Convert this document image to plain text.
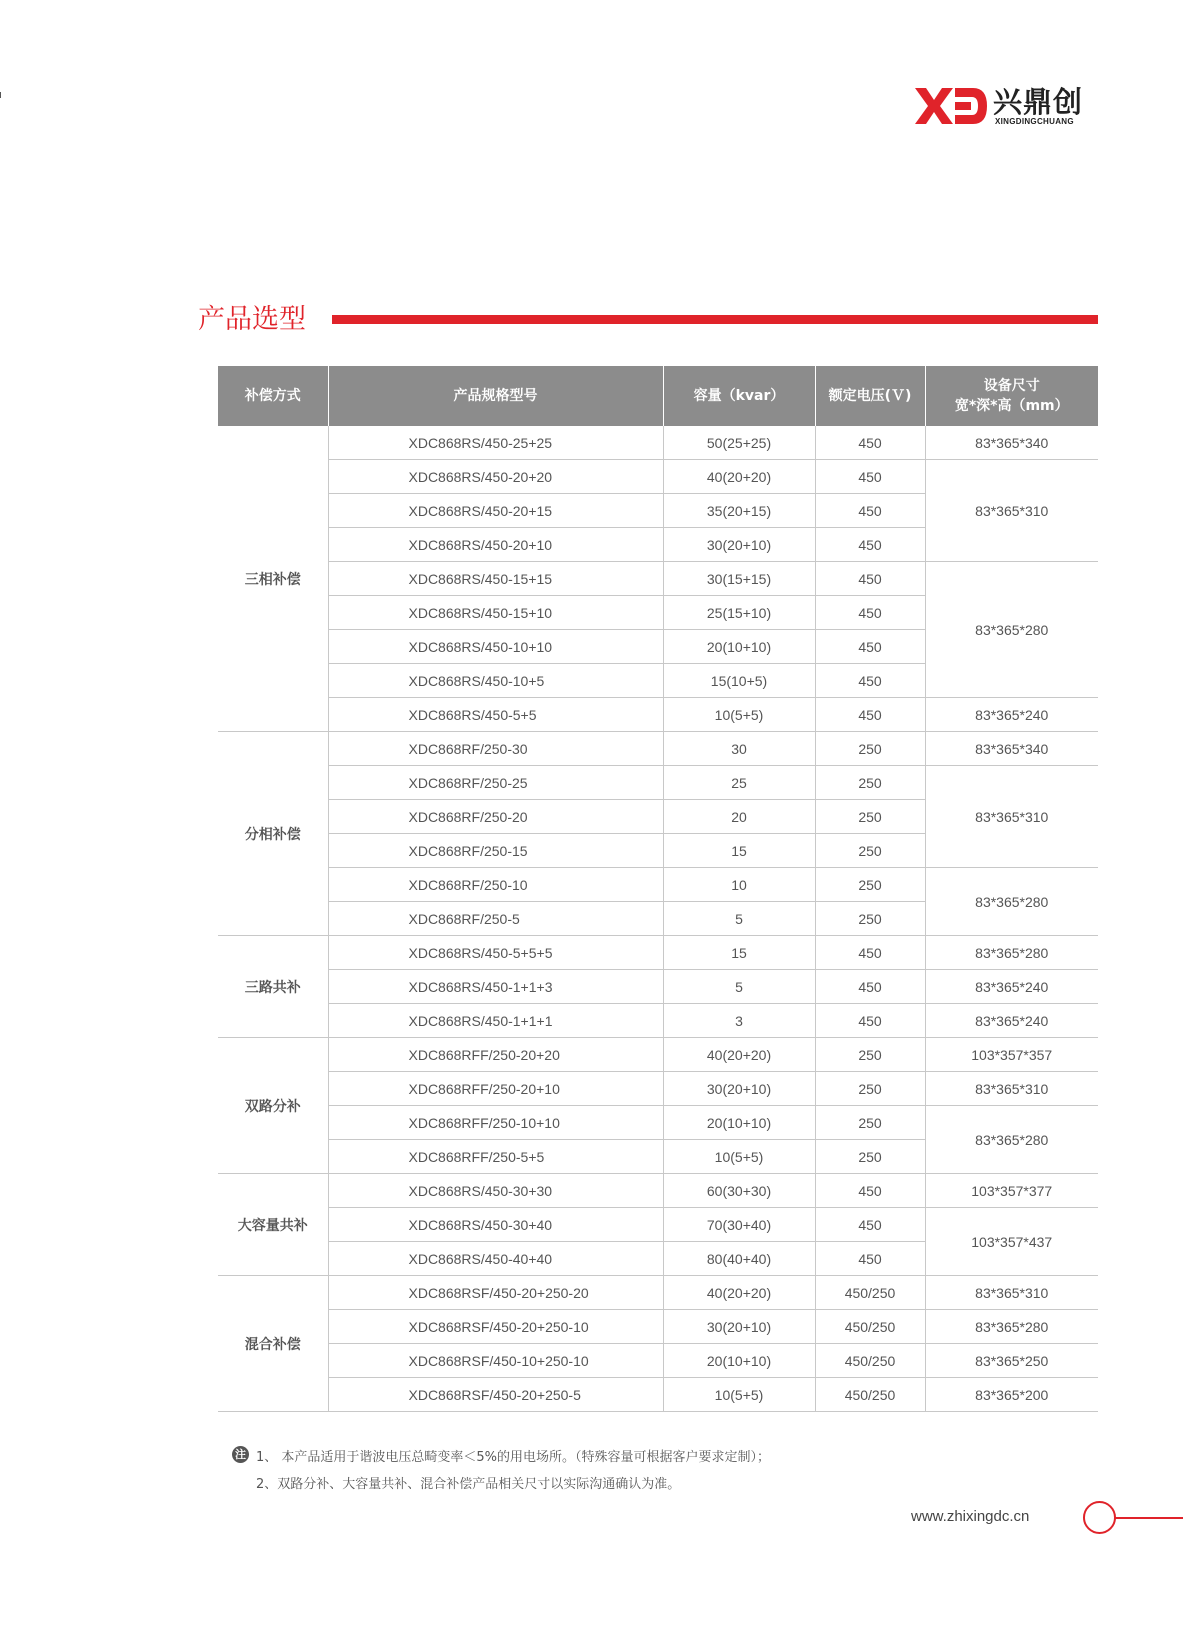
兴鼎创
XINGDINGCHUANG
产品选型
补偿方式	产品规格型号	容量（kvar）	额定电压(Ｖ)	设备尺寸
宽*深*高（mm）

三相补偿	XDC868RS/450-25+25	50(25+25)	450	83*365*340
	XDC868RS/450-20+20	40(20+20)	450	83*365*310
	XDC868RS/450-20+15	35(20+15)	450	
	XDC868RS/450-20+10	30(20+10)	450	
	XDC868RS/450-15+15	30(15+15)	450	83*365*280
	XDC868RS/450-15+10	25(15+10)	450	
	XDC868RS/450-10+10	20(10+10)	450	
	XDC868RS/450-10+5	15(10+5)	450	
	XDC868RS/450-5+5	10(5+5)	450	83*365*240
分相补偿	XDC868RF/250-30	30	250	83*365*340
	XDC868RF/250-25	25	250	83*365*310
	XDC868RF/250-20	20	250	
	XDC868RF/250-15	15	250	
	XDC868RF/250-10	10	250	83*365*280
	XDC868RF/250-5	5	250	
三路共补	XDC868RS/450-5+5+5	15	450	83*365*280
	XDC868RS/450-1+1+3	5	450	83*365*240
	XDC868RS/450-1+1+1	3	450	83*365*240
双路分补	XDC868RFF/250-20+20	40(20+20)	250	103*357*357
	XDC868RFF/250-20+10	30(20+10)	250	83*365*310
	XDC868RFF/250-10+10	20(10+10)	250	83*365*280
	XDC868RFF/250-5+5	10(5+5)	250	
大容量共补	XDC868RS/450-30+30	60(30+30)	450	103*357*377
	XDC868RS/450-30+40	70(30+40)	450	103*357*437
	XDC868RS/450-40+40	80(40+40)	450	
混合补偿	XDC868RSF/450-20+250-20	40(20+20)	450/250	83*365*310
	XDC868RSF/450-20+250-10	30(20+10)	450/250	83*365*280
	XDC868RSF/450-10+250-10	20(10+10)	450/250	83*365*250
	XDC868RSF/450-20+250-5	10(5+5)	450/250	83*365*200
注 1、 本产品适用于谐波电压总畸变率＜5%的用电场所。（特殊容量可根据客户要求定制）；
2、双路分补、大容量共补、混合补偿产品相关尺寸以实际沟通确认为准。
www.zhixingdc.cn
